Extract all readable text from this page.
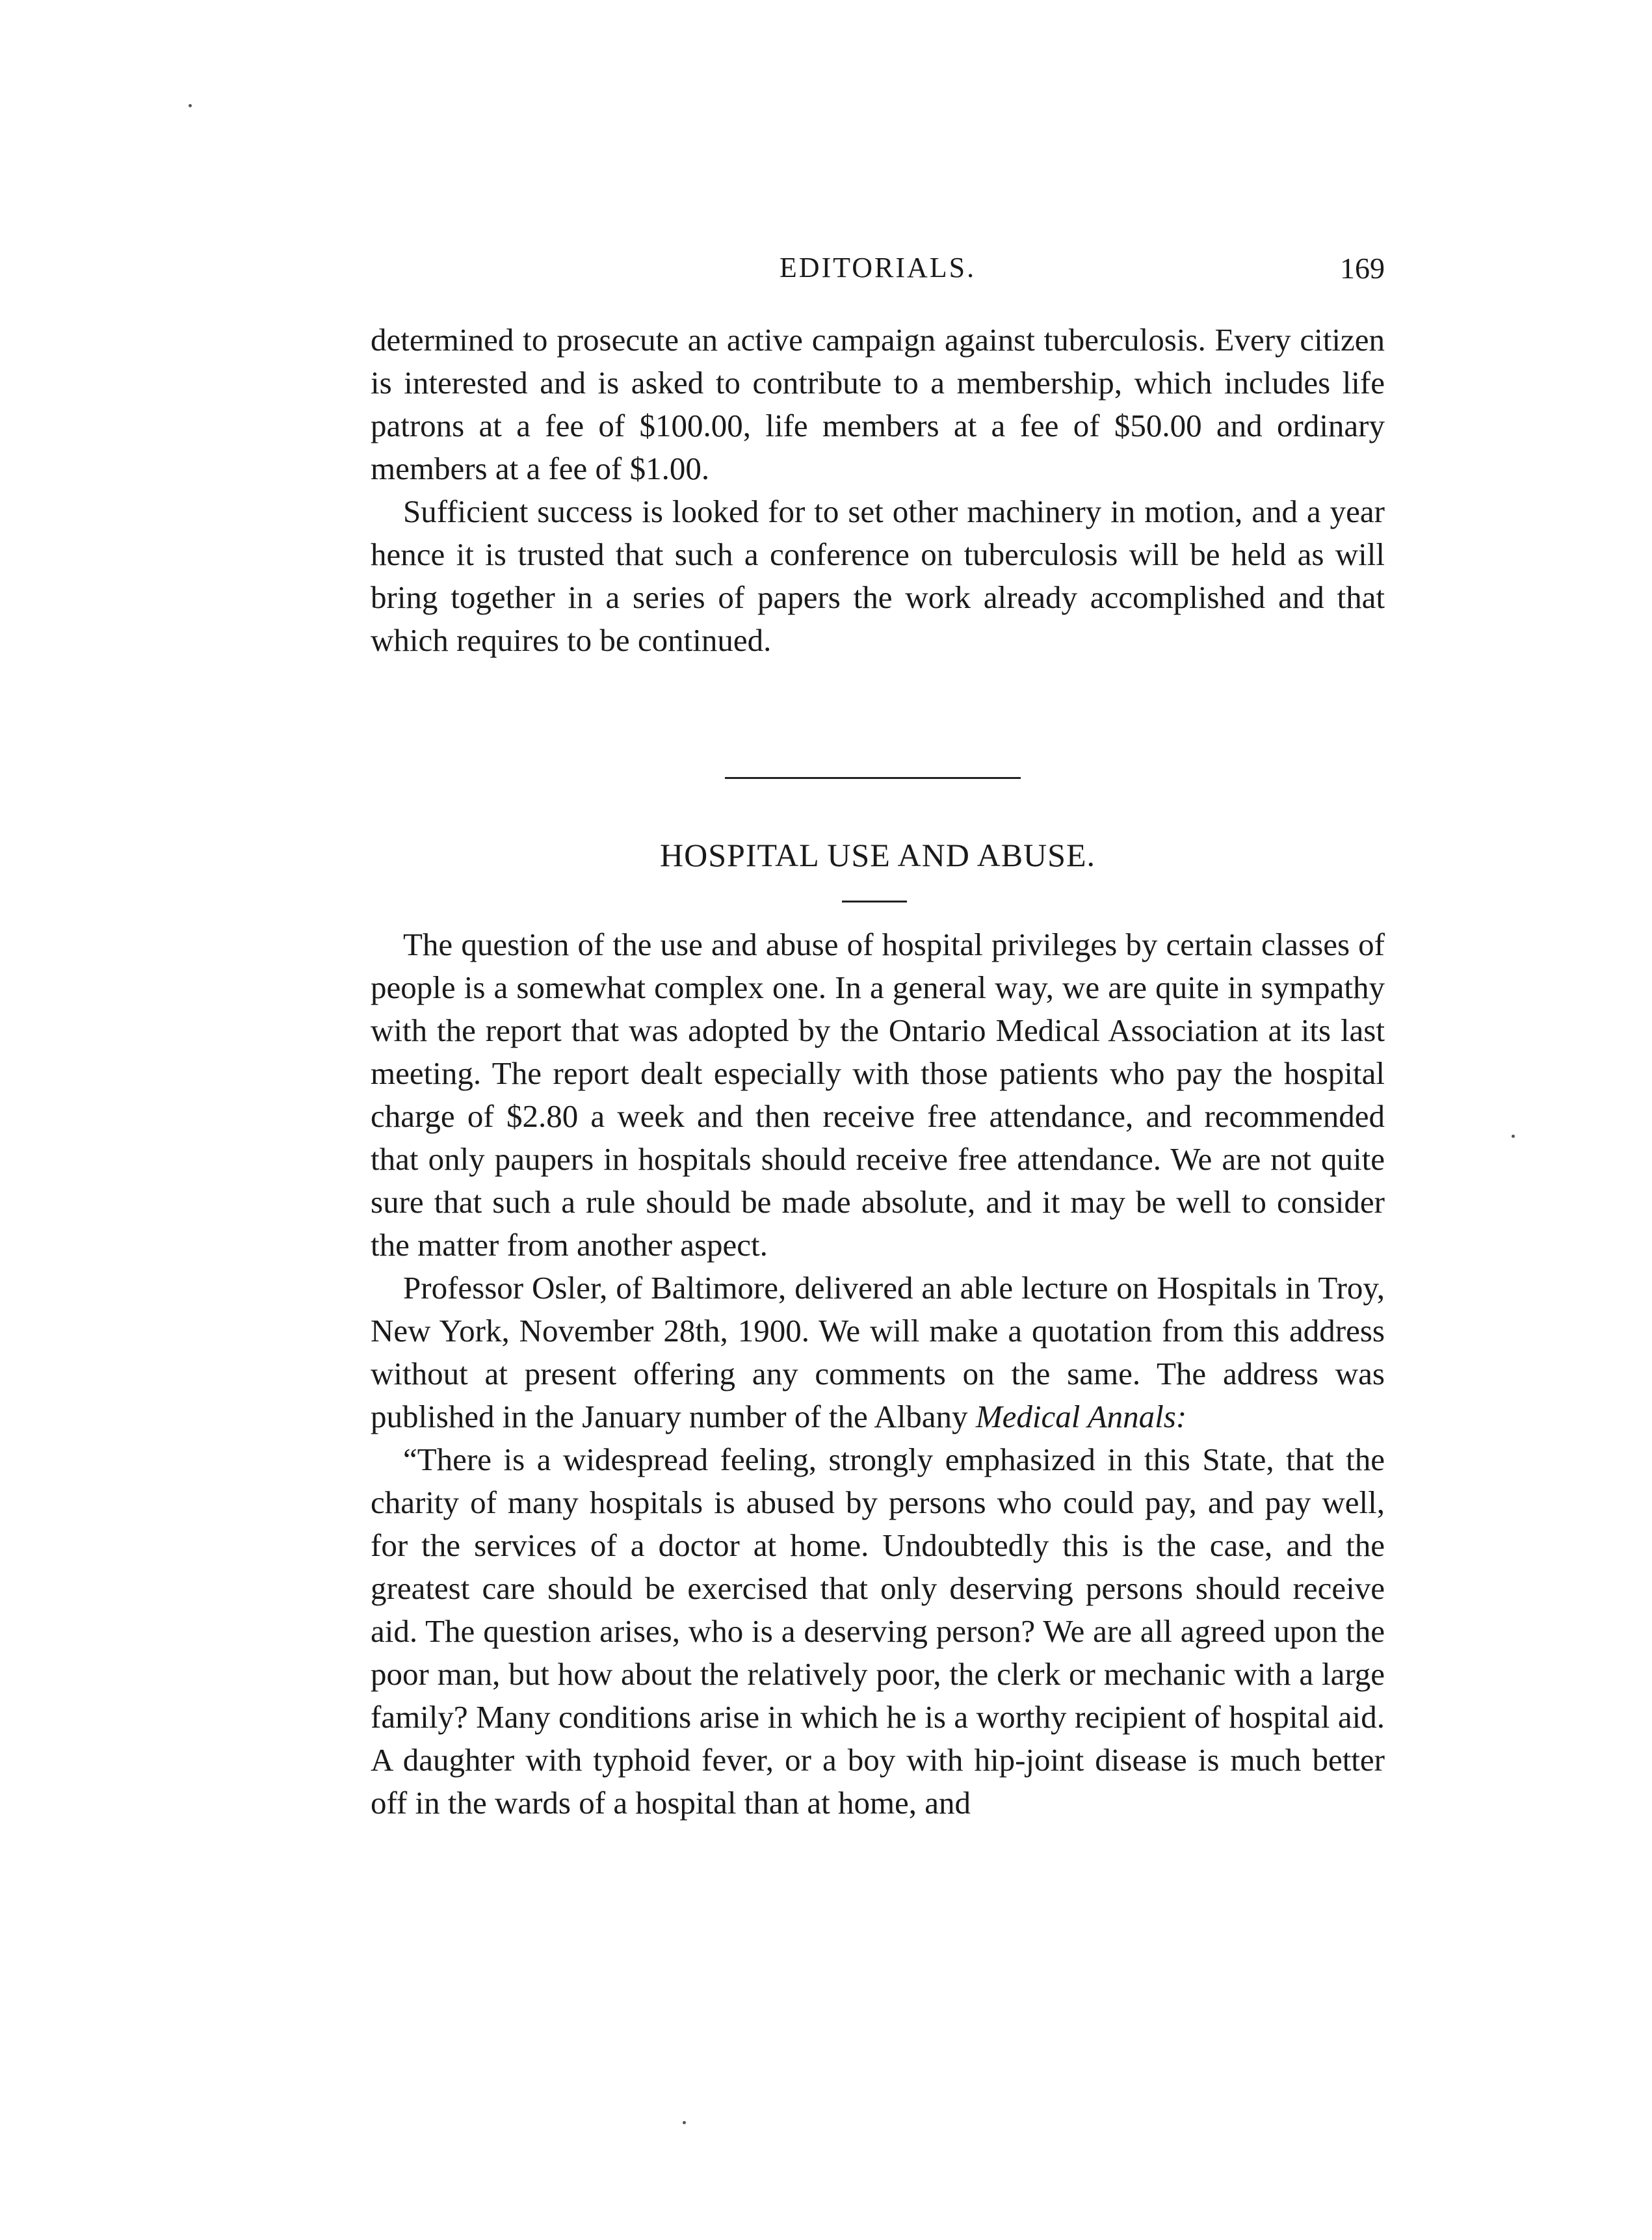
EDITORIALS.	169

determined to prosecute an active campaign against tuberculosis. Every citizen is interested and is asked to contribute to a membership, which includes life patrons at a fee of $100.00, life members at a fee of $50.00 and ordinary members at a fee of $1.00.

Sufficient success is looked for to set other machinery in motion, and a year hence it is trusted that such a conference on tuberculosis will be held as will bring together in a series of papers the work already accomplished and that which requires to be continued.

HOSPITAL USE AND ABUSE.

The question of the use and abuse of hospital privileges by certain classes of people is a somewhat complex one. In a general way, we are quite in sympathy with the report that was adopted by the Ontario Medical Association at its last meeting. The report dealt especially with those patients who pay the hospital charge of $2.80 a week and then receive free attendance, and recommended that only paupers in hospitals should receive free attendance. We are not quite sure that such a rule should be made absolute, and it may be well to consider the matter from another aspect.

Professor Osler, of Baltimore, delivered an able lecture on Hospitals in Troy, New York, November 28th, 1900. We will make a quotation from this address without at present offering any comments on the same. The address was published in the January number of the Albany Medical Annals:

“There is a widespread feeling, strongly emphasized in this State, that the charity of many hospitals is abused by persons who could pay, and pay well, for the services of a doctor at home. Undoubtedly this is the case, and the greatest care should be exercised that only deserving persons should receive aid. The question arises, who is a deserving person? We are all agreed upon the poor man, but how about the relatively poor, the clerk or mechanic with a large family? Many conditions arise in which he is a worthy recipient of hospital aid. A daughter with typhoid fever, or a boy with hip-joint disease is much better off in the wards of a hospital than at home, and
